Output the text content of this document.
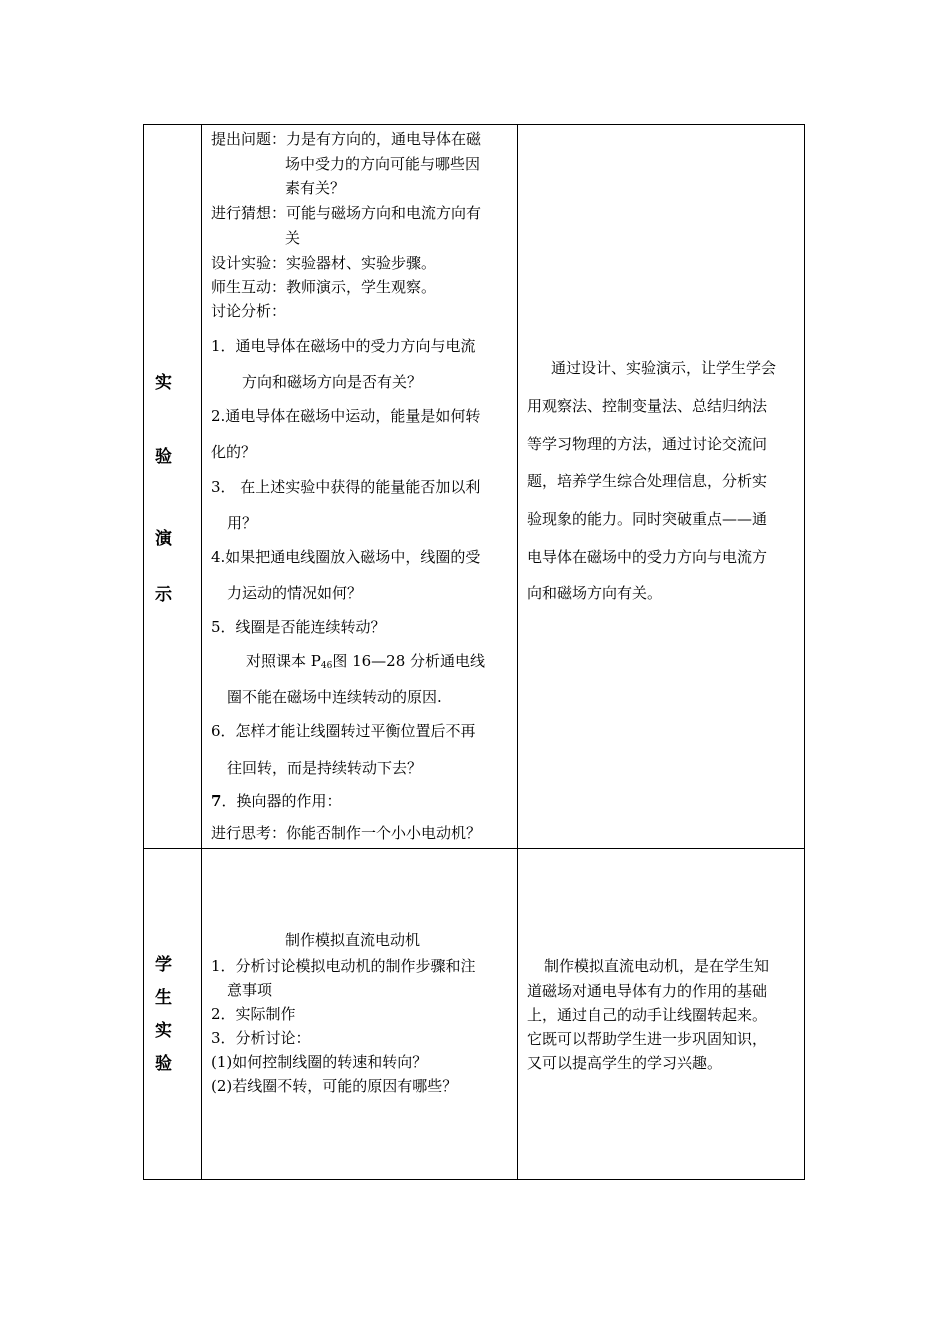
实
验
演
示
提出问题：力是有方向的，通电导体在磁
场中受力的方向可能与哪些因
素有关？
进行猜想：可能与磁场方向和电流方向有
关
设计实验：实验器材、实验步骤。
师生互动：教师演示，学生观察。
讨论分析：
1．通电导体在磁场中的受力方向与电流
方向和磁场方向是否有关？
2.通电导体在磁场中运动，能量是如何转
化的？
3． 在上述实验中获得的能量能否加以利
用？
4.如果把通电线圈放入磁场中，线圈的受
力运动的情况如何？
5．线圈是否能连续转动？
对照课本 $P_{46}$图 16—28 分析通电线
圈不能在磁场中连续转动的原因.
6．怎样才能让线圈转过平衡位置后不再
往回转，而是持续转动下去？
7．换向器的作用：
进行思考：你能否制作一个小小电动机？
通过设计、实验演示，让学生学会
用观察法、控制变量法、总结归纳法
等学习物理的方法，通过讨论交流问
题，培养学生综合处理信息，分析实
验现象的能力。同时突破重点——通
电导体在磁场中的受力方向与电流方
向和磁场方向有关。
学
生
实
验
制作模拟直流电动机
1．分析讨论模拟电动机的制作步骤和注
意事项
2．实际制作
3．分析讨论：
(1)如何控制线圈的转速和转向？
(2)若线圈不转，可能的原因有哪些？
制作模拟直流电动机，是在学生知
道磁场对通电导体有力的作用的基础
上，通过自己的动手让线圈转起来。
它既可以帮助学生进一步巩固知识，
又可以提高学生的学习兴趣。
